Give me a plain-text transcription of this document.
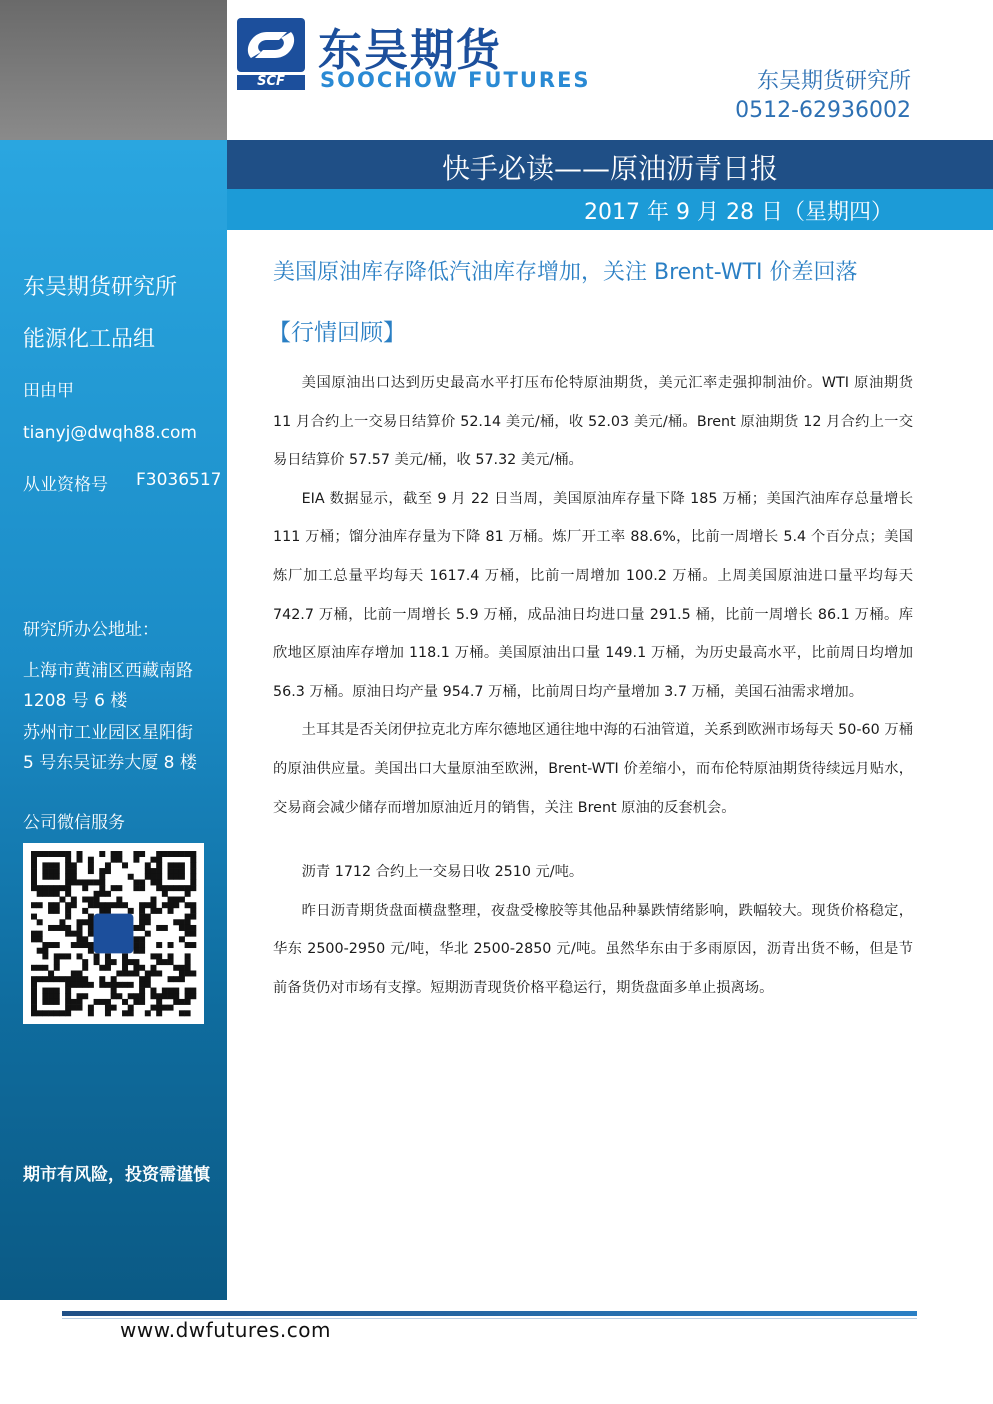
SCF
东吴期货
SOOCHOW FUTURES	东吴期货研究所
0512-62936002
快手必读——原油沥青日报
2017 年 9 月 28 日（星期四）
东吴期货研究所
能源化工品组
田由甲
tianyj@dwqh88.com
从业资格号 F3036517
研究所办公地址：
上海市黄浦区西藏南路
1208 号 6 楼
苏州市工业园区星阳街
5 号东吴证券大厦 8 楼
公司微信服务
期市有风险，投资需谨慎
美国原油库存降低汽油库存增加，关注 Brent-WTI 价差回落
【行情回顾】

美国原油出口达到历史最高水平打压布伦特原油期货，美元汇率走强抑制油价。WTI 原油期货 11 月合约上一交易日结算价 52.14 美元/桶，收 52.03 美元/桶。Brent 原油期货 12 月合约上一交易日结算价 57.57 美元/桶，收 57.32 美元/桶。

EIA 数据显示，截至 9 月 22 日当周，美国原油库存量下降 185 万桶；美国汽油库存总量增长 111 万桶；馏分油库存量为下降 81 万桶。炼厂开工率 88.6%，比前一周增长 5.4 个百分点；美国炼厂加工总量平均每天 1617.4 万桶，比前一周增加 100.2 万桶。上周美国原油进口量平均每天 742.7 万桶，比前一周增长 5.9 万桶，成品油日均进口量 291.5 桶，比前一周增长 86.1 万桶。库欣地区原油库存增加 118.1 万桶。美国原油出口量 149.1 万桶，为历史最高水平，比前周日均增加 56.3 万桶。原油日均产量 954.7 万桶，比前周日均产量增加 3.7 万桶，美国石油需求增加。

土耳其是否关闭伊拉克北方库尔德地区通往地中海的石油管道，关系到欧洲市场每天 50-60 万桶的原油供应量。美国出口大量原油至欧洲，Brent-WTI 价差缩小，而布伦特原油期货待续远月贴水，交易商会减少储存而增加原油近月的销售，关注 Brent 原油的反套机会。

沥青 1712 合约上一交易日收 2510 元/吨。

昨日沥青期货盘面横盘整理，夜盘受橡胶等其他品种暴跌情绪影响，跌幅较大。现货价格稳定，华东 2500-2950 元/吨，华北 2500-2850 元/吨。虽然华东由于多雨原因，沥青出货不畅，但是节前备货仍对市场有支撑。短期沥青现货价格平稳运行，期货盘面多单止损离场。

www.dwfutures.com
